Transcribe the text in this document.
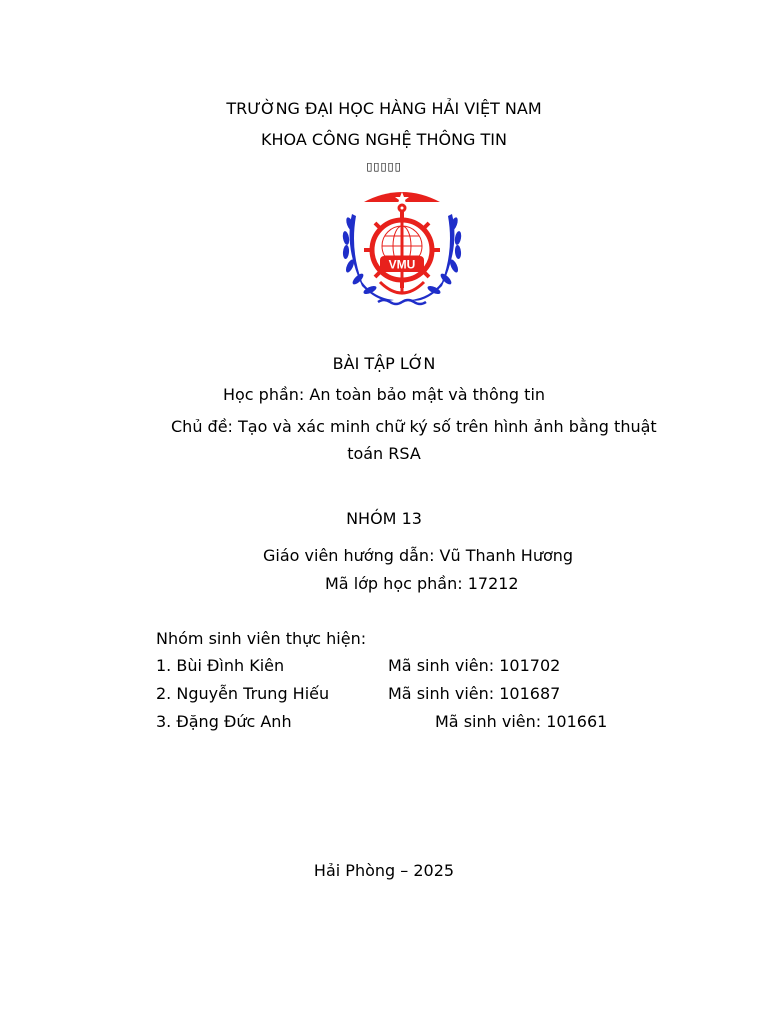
TRƯỜNG ĐẠI HỌC HÀNG HẢI VIỆT NAM
KHOA CÔNG NGHỆ THÔNG TIN
▯▯▯▯▯
VMU
BÀI TẬP LỚN
Học phần: An toàn bảo mật và thông tin
Chủ đề: Tạo và xác minh chữ ký số trên hình ảnh bằng thuật
toán RSA
NHÓM 13
Giáo viên hướng dẫn: Vũ Thanh Hương
Mã lớp học phần: 17212
Nhóm sinh viên thực hiện:
1. Bùi Đình Kiên	Mã sinh viên: 101702
2. Nguyễn Trung Hiếu	Mã sinh viên: 101687
3. Đặng Đức Anh	Mã sinh viên: 101661
Hải Phòng – 2025
